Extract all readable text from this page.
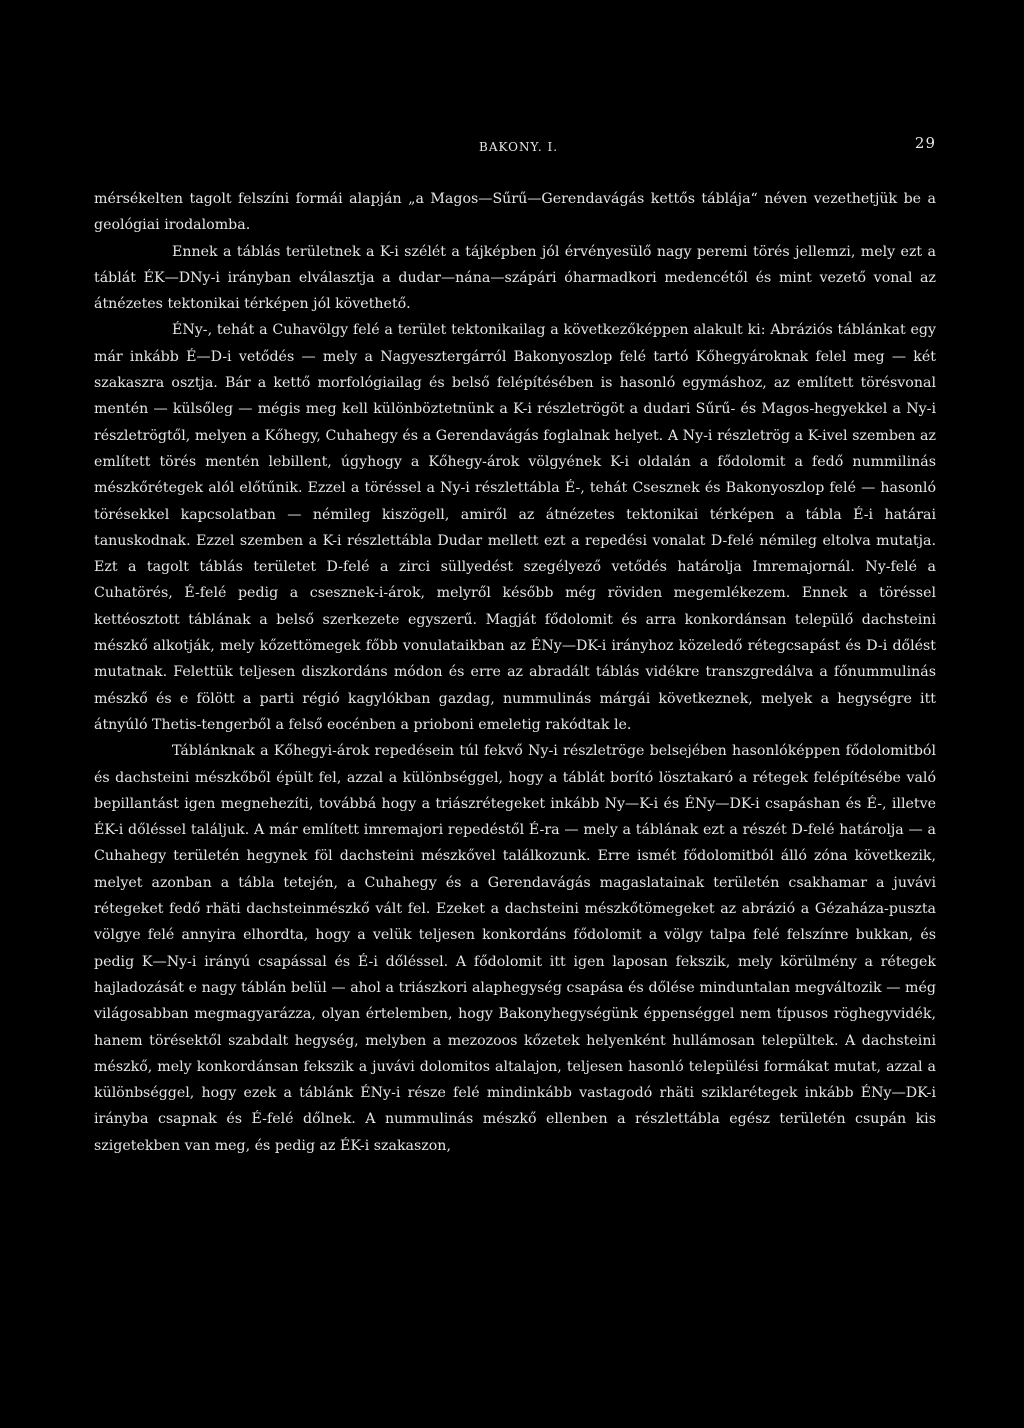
BAKONY. I.	29

mérsékelten tagolt felszíni formái alapján „a Magos—Sűrű—Gerendavágás kettős táblája“ néven vezethetjük be a geológiai irodalomba.

Ennek a táblás területnek a K-i szélét a tájképben jól érvényesülő nagy peremi törés jellemzi, mely ezt a táblát ÉK—DNy-i irányban elválasztja a dudar—nána—szápári óharmadkori medencétől és mint vezető vonal az átnézetes tektonikai térképen jól követhető.

ÉNy-, tehát a Cuhavölgy felé a terület tektonikailag a következőképpen alakult ki: Abráziós táblánkat egy már inkább É—D-i vetődés — mely a Nagyesztergárról Bakonyoszlop felé tartó Kőhegyároknak felel meg — két szakaszra osztja. Bár a kettő morfológiailag és belső felépítésében is hasonló egymáshoz, az említett törésvonal mentén — külsőleg — mégis meg kell különböztetnünk a K-i részletrögöt a dudari Sűrű- és Magos-hegyekkel a Ny-i részletrögtől, melyen a Kőhegy, Cuhahegy és a Gerendavágás foglalnak helyet. A Ny-i részletrög a K-ivel szemben az említett törés mentén lebillent, úgyhogy a Kőhegy-árok völgyének K-i oldalán a fődolomit a fedő nummilinás mészkőrétegek alól előtűnik. Ezzel a töréssel a Ny-i részlettábla É-, tehát Csesznek és Bakonyoszlop felé — hasonló törésekkel kapcsolatban — némileg kiszögell, amiről az átnézetes tektonikai térképen a tábla É-i határai tanuskodnak. Ezzel szemben a K-i részlettábla Dudar mellett ezt a repedési vonalat D-felé némileg eltolva mutatja. Ezt a tagolt táblás területet D-felé a zirci süllyedést szegélyező vetődés határolja Imremajornál. Ny-felé a Cuhatörés, É-felé pedig a csesznek-i-árok, melyről később még röviden megemlékezem. Ennek a töréssel kettéosztott táblának a belső szerkezete egyszerű. Magját fődolomit és arra konkordánsan települő dachsteini mészkő alkotják, mely kőzettömegek főbb vonulataikban az ÉNy—DK-i irányhoz közeledő rétegcsapást és D-i dőlést mutatnak. Felettük teljesen diszkordáns módon és erre az abradált táblás vidékre transzgredálva a főnummulinás mészkő és e fölött a parti régió kagylókban gazdag, nummulinás márgái következnek, melyek a hegységre itt átnyúló Thetis-tengerből a felső eocénben a prioboni emeletig rakódtak le.

Táblánknak a Kőhegyi-árok repedésein túl fekvő Ny-i részletröge belsejében hasonlóképpen fődolomitból és dachsteini mészkőből épült fel, azzal a különbséggel, hogy a táblát borító lösztakaró a rétegek felépítésébe való bepillantást igen megnehezíti, továbbá hogy a triászrétegeket inkább Ny—K-i és ÉNy—DK-i csapáshan és É-, illetve ÉK-i dőléssel találjuk. A már említett imremajori repedéstől É-ra — mely a táblának ezt a részét D-felé határolja — a Cuhahegy területén hegynek föl dachsteini mészkővel találkozunk. Erre ismét fődolomitból álló zóna következik, melyet azonban a tábla tetején, a Cuhahegy és a Gerendavágás magaslatainak területén csakhamar a juvávi rétegeket fedő rhäti dachsteinmészkő vált fel. Ezeket a dachsteini mészkőtömegeket az abrázió a Gézaháza-puszta völgye felé annyira elhordta, hogy a velük teljesen konkordáns fődolomit a völgy talpa felé felszínre bukkan, és pedig K—Ny-i irányú csapással és É-i dőléssel. A fődolomit itt igen laposan fekszik, mely körülmény a rétegek hajladozását e nagy táblán belül — ahol a triászkori alaphegység csapása és dőlése minduntalan megváltozik — még világosabban megmagyarázza, olyan értelemben, hogy Bakonyhegységünk éppenséggel nem típusos röghegyvidék, hanem törésektől szabdalt hegység, melyben a mezozoos kőzetek helyenként hullámosan települtek. A dachsteini mészkő, mely konkordánsan fekszik a juvávi dolomitos altalajon, teljesen hasonló települési formákat mutat, azzal a különbséggel, hogy ezek a táblánk ÉNy-i része felé mindinkább vastagodó rhäti sziklarétegek inkább ÉNy—DK-i irányba csapnak és É-felé dőlnek. A nummulinás mészkő ellenben a részlettábla egész területén csupán kis szigetekben van meg, és pedig az ÉK-i szakaszon,
